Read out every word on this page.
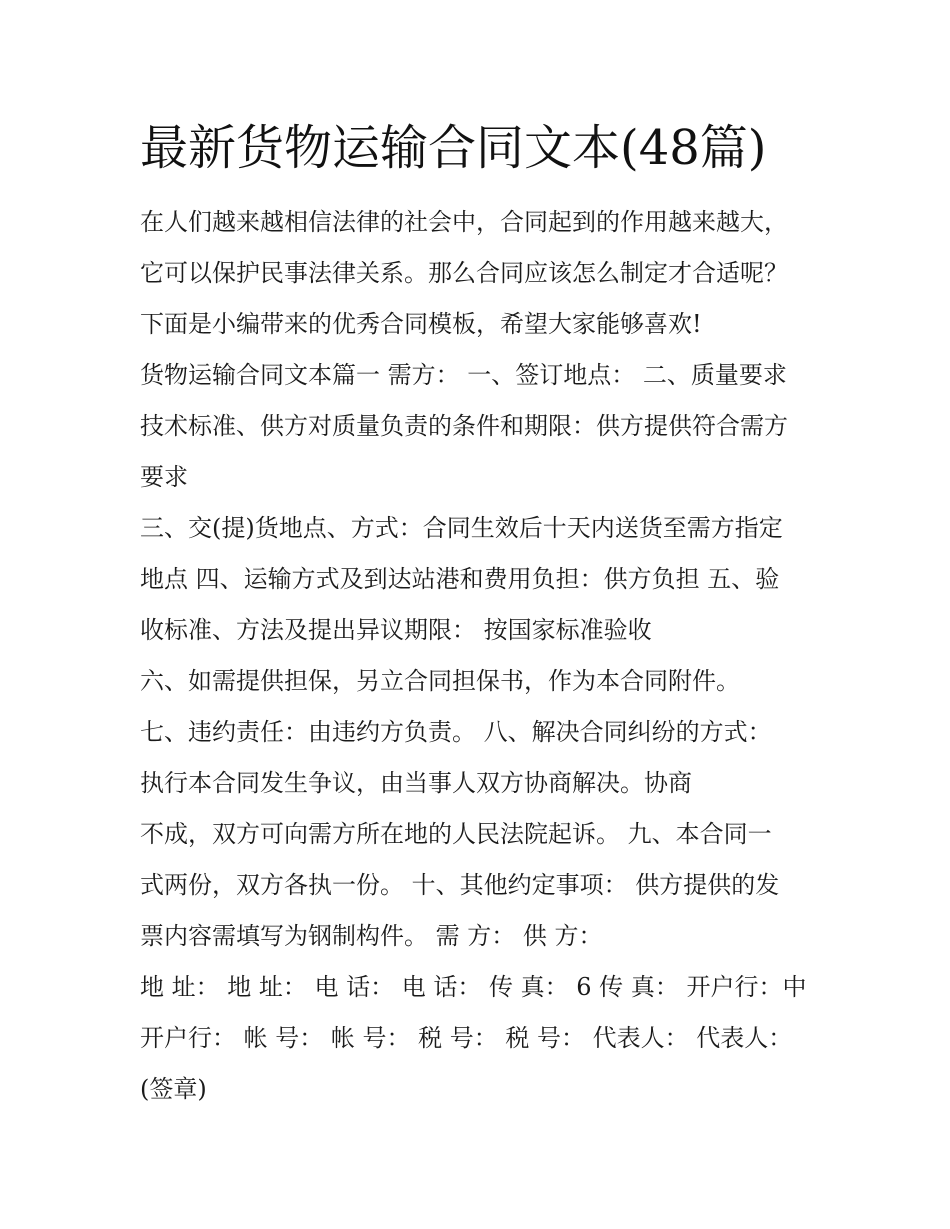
最新货物运输合同文本(48篇)

在人们越来越相信法律的社会中，合同起到的作用越来越大，

它可以保护民事法律关系。那么合同应该怎么制定才合适呢？

下面是小编带来的优秀合同模板，希望大家能够喜欢!

货物运输合同文本篇一 需方： 一、签订地点： 二、质量要求

技术标准、供方对质量负责的条件和期限：供方提供符合需方

要求

三、交(提)货地点、方式：合同生效后十天内送货至需方指定

地点 四、运输方式及到达站港和费用负担：供方负担 五、验

收标准、方法及提出异议期限： 按国家标准验收

六、如需提供担保，另立合同担保书，作为本合同附件。

七、违约责任：由违约方负责。 八、解决合同纠纷的方式：

执行本合同发生争议，由当事人双方协商解决。协商

不成，双方可向需方所在地的人民法院起诉。 九、本合同一

式两份，双方各执一份。 十、其他约定事项： 供方提供的发

票内容需填写为钢制构件。 需 方： 供 方：

地 址： 地 址： 电 话： 电 话： 传 真： 6 传 真： 开户行：中

开户行： 帐 号： 帐 号： 税 号： 税 号： 代表人： 代表人：

(签章)
